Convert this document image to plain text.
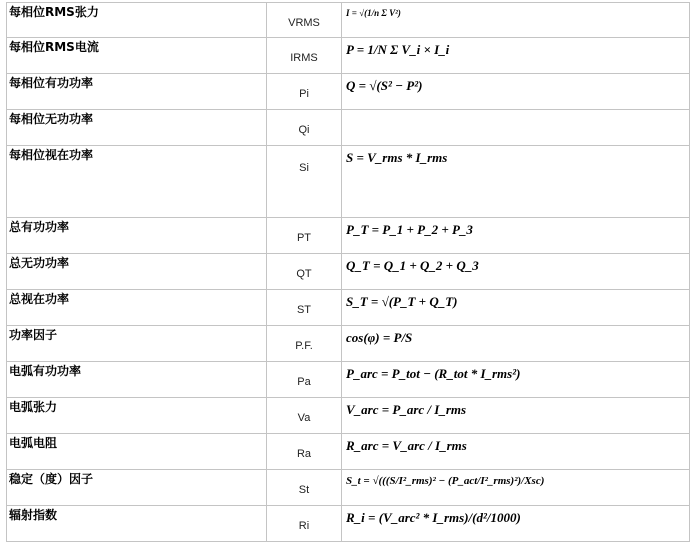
每相位RMS张力	VRMS	I = √(1/n Σ V²)

每相位RMS电流	IRMS	P = 1/N Σ V_i × I_i

每相位有功功率	Pi	Q = √(S² − P²)

每相位无功功率	Qi	

每相位视在功率	Si	S = V_rms * I_rms

总有功功率	PT	P_T = P_1 + P_2 + P_3

总无功功率	QT	Q_T = Q_1 + Q_2 + Q_3

总视在功率	ST	S_T = √(P_T + Q_T)

功率因子	P.F.	cos(φ) = P/S

电弧有功功率	Pa	P_arc = P_tot − (R_tot * I_rms²)

电弧张力	Va	V_arc = P_arc / I_rms

电弧电阻	Ra	R_arc = V_arc / I_rms

稳定（度）因子	St	S_t = √(((S/I²_rms)² − (P_act/I²_rms)²)/Xsc)

辐射指数	Ri	R_i = (V_arc² * I_rms)/(d²/1000)
